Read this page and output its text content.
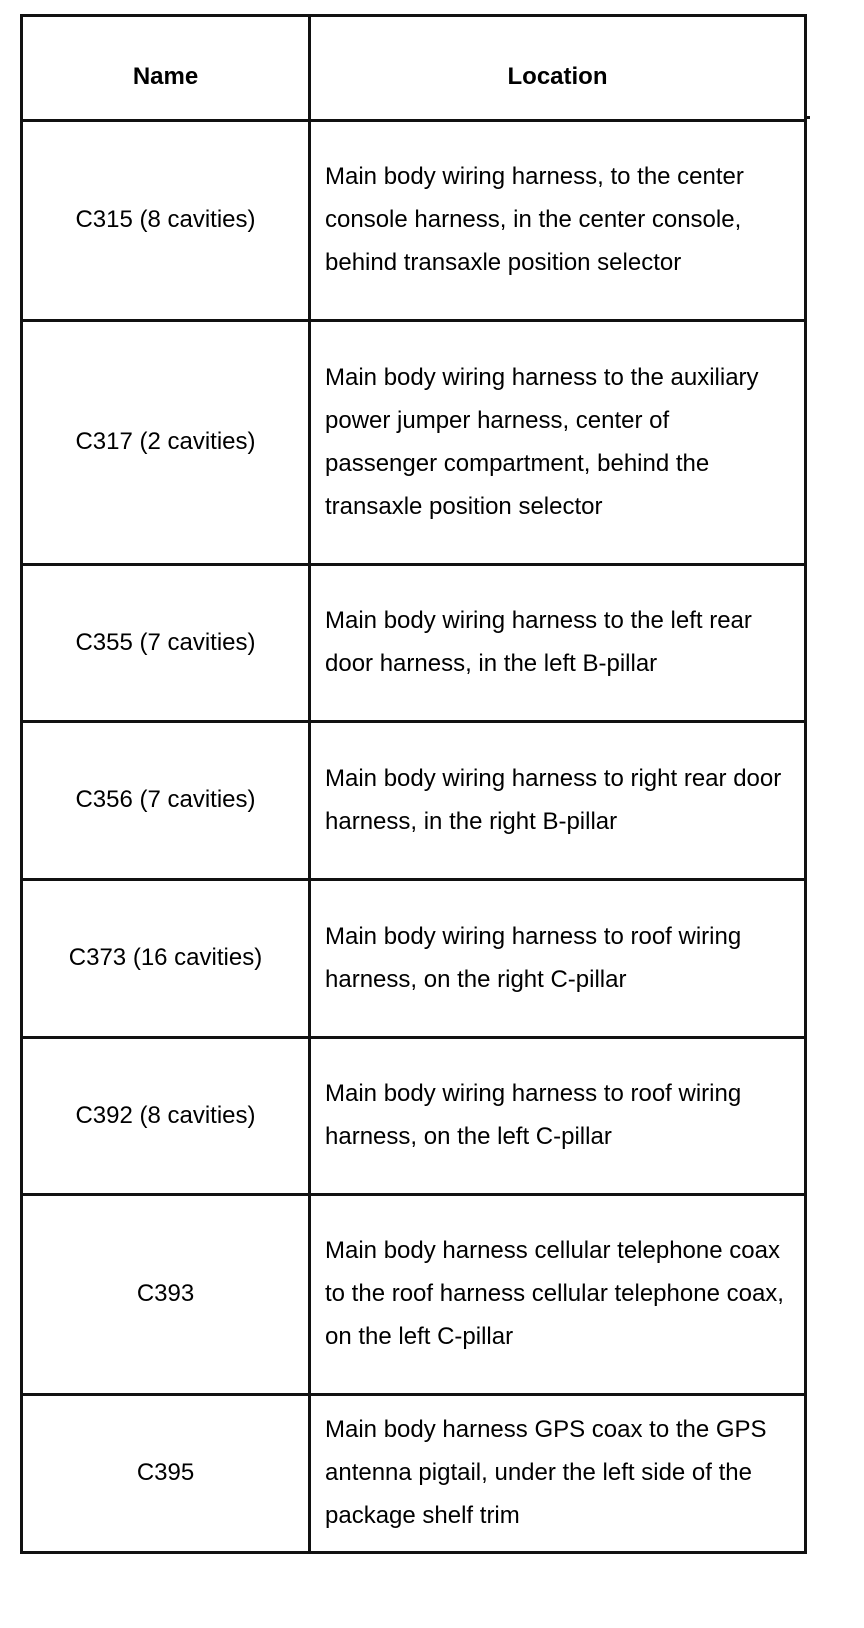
Name	Location
C315 (8 cavities)	Main body wiring harness, to the center console harness, in the center console, behind transaxle position selector
C317 (2 cavities)	Main body wiring harness to the auxiliary power jumper harness, center of passenger compartment, behind the transaxle position selector
C355 (7 cavities)	Main body wiring harness to the left rear door harness, in the left B-pillar
C356 (7 cavities)	Main body wiring harness to right rear door harness, in the right B-pillar
C373 (16 cavities)	Main body wiring harness to roof wiring harness, on the right C-pillar
C392 (8 cavities)	Main body wiring harness to roof wiring harness, on the left C-pillar
C393	Main body harness cellular telephone coax to the roof harness cellular telephone coax, on the left C-pillar
C395	Main body harness GPS coax to the GPS antenna pigtail, under the left side of the package shelf trim
